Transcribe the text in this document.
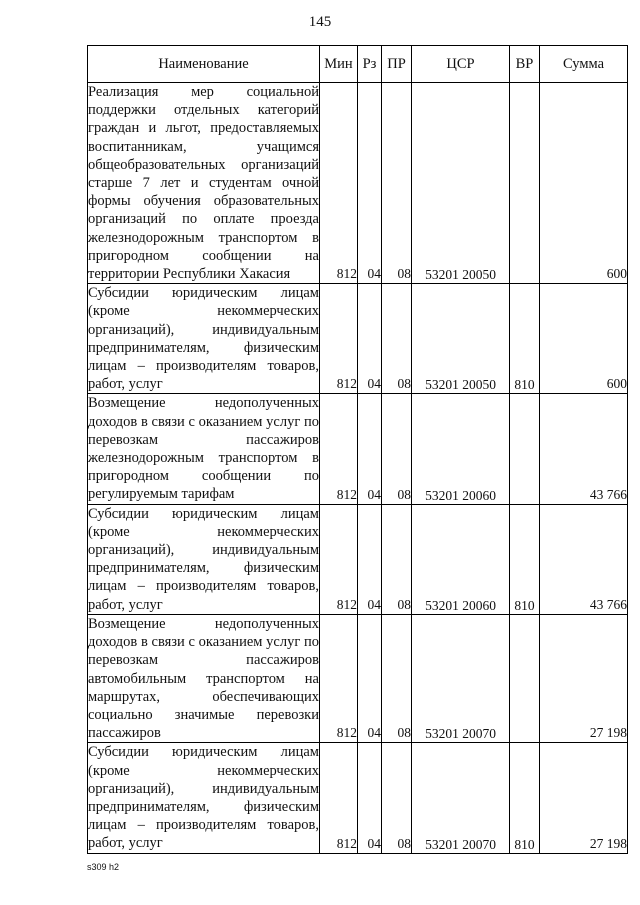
145
Наименование	Мин	Рз	ПР	ЦСР	ВР	Сумма
Реализация мер социальной поддержки отдельных категорий граждан и льгот, предоставляемых воспитанникам, учащимся общеобразовательных организаций старше 7 лет и студентам очной формы обучения образовательных организаций по оплате проезда железнодорожным транспортом в пригородном сообщении на территории Республики Хакасия	812	04	08	53201 20050		600
Субсидии юридическим лицам (кроме некоммерческих организаций), индивидуальным предпринимателям, физическим лицам – производителям товаров, работ, услуг	812	04	08	53201 20050	810	600
Возмещение недополученных доходов в связи с оказанием услуг по перевозкам пассажиров железнодорожным транспортом в пригородном сообщении по регулируемым тарифам	812	04	08	53201 20060		43 766
Субсидии юридическим лицам (кроме некоммерческих организаций), индивидуальным предпринимателям, физическим лицам – производителям товаров, работ, услуг	812	04	08	53201 20060	810	43 766
Возмещение недополученных доходов в связи с оказанием услуг по перевозкам пассажиров автомобильным транспортом на маршрутах, обеспечивающих социально значимые перевозки пассажиров	812	04	08	53201 20070		27 198
Субсидии юридическим лицам (кроме некоммерческих организаций), индивидуальным предпринимателям, физическим лицам – производителям товаров, работ, услуг	812	04	08	53201 20070	810	27 198
s309 h2
